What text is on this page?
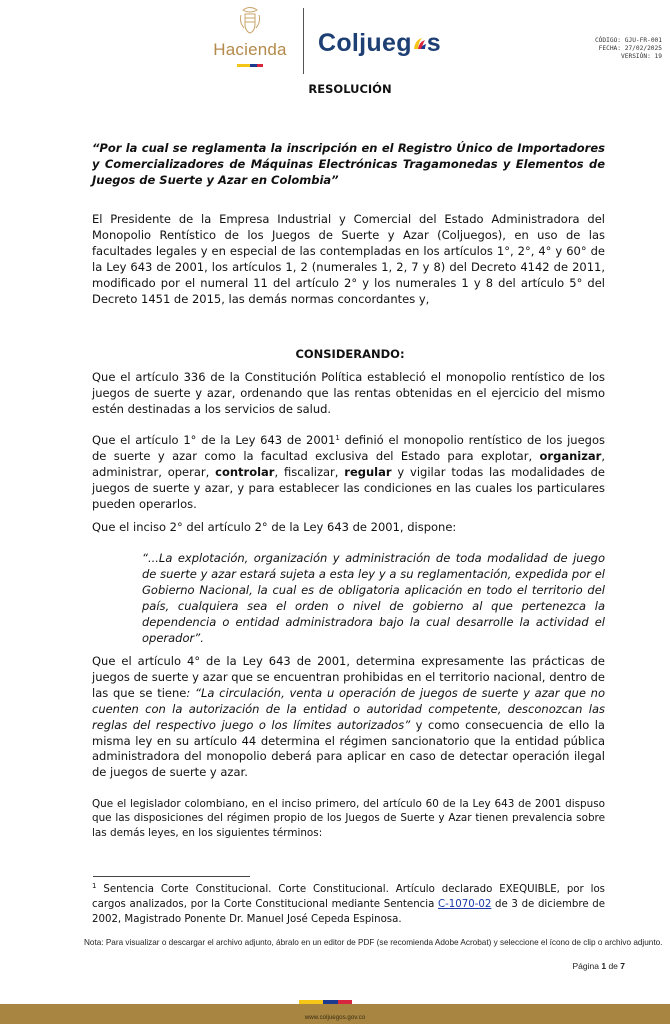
Hacienda Coljueg s	CÓDIGO: GJU-FR-001
FECHA: 27/02/2025
VERSIÓN: 19
RESOLUCIÓN
“Por la cual se reglamenta la inscripción en el Registro Único de Importadores y Comercializadores de Máquinas Electrónicas Tragamonedas y Elementos de Juegos de Suerte y Azar en Colombia”
El Presidente de la Empresa Industrial y Comercial del Estado Administradora del Monopolio Rentístico de los Juegos de Suerte y Azar (Coljuegos), en uso de las facultades legales y en especial de las contempladas en los artículos 1°, 2°, 4° y 60° de la Ley 643 de 2001, los artículos 1, 2 (numerales 1, 2, 7 y 8) del Decreto 4142 de 2011, modificado por el numeral 11 del artículo 2° y los numerales 1 y 8 del artículo 5° del Decreto 1451 de 2015, las demás normas concordantes y,
CONSIDERANDO:
Que el artículo 336 de la Constitución Política estableció el monopolio rentístico de los juegos de suerte y azar, ordenando que las rentas obtenidas en el ejercicio del mismo estén destinadas a los servicios de salud.
Que el artículo 1° de la Ley 643 de 2001$^1$ definió el monopolio rentístico de los juegos de suerte y azar como la facultad exclusiva del Estado para explotar, organizar, administrar, operar, controlar, fiscalizar, regular y vigilar todas las modalidades de juegos de suerte y azar, y para establecer las condiciones en las cuales los particulares pueden operarlos.
Que el inciso 2° del artículo 2° de la Ley 643 de 2001, dispone:
“...La explotación, organización y administración de toda modalidad de juego de suerte y azar estará sujeta a esta ley y a su reglamentación, expedida por el Gobierno Nacional, la cual es de obligatoria aplicación en todo el territorio del país, cualquiera sea el orden o nivel de gobierno al que pertenezca la dependencia o entidad administradora bajo la cual desarrolle la actividad el operador”.
Que el artículo 4° de la Ley 643 de 2001, determina expresamente las prácticas de juegos de suerte y azar que se encuentran prohibidas en el territorio nacional, dentro de las que se tiene: “La circulación, venta u operación de juegos de suerte y azar que no cuenten con la autorización de la entidad o autoridad competente, desconozcan las reglas del respectivo juego o los límites autorizados” y como consecuencia de ello la misma ley en su artículo 44 determina el régimen sancionatorio que la entidad pública administradora del monopolio deberá para aplicar en caso de detectar operación ilegal de juegos de suerte y azar.
Que el legislador colombiano, en el inciso primero, del artículo 60 de la Ley 643 de 2001 dispuso que las disposiciones del régimen propio de los Juegos de Suerte y Azar tienen prevalencia sobre las demás leyes, en los siguientes términos:
$^1$ Sentencia Corte Constitucional. Corte Constitucional. Artículo declarado EXEQUIBLE, por los cargos analizados, por la Corte Constitucional mediante Sentencia C-1070-02 de 3 de diciembre de 2002, Magistrado Ponente Dr. Manuel José Cepeda Espinosa.
Nota: Para visualizar o descargar el archivo adjunto, ábralo en un editor de PDF (se recomienda Adobe Acrobat) y seleccione el ícono de clip o archivo adjunto.
Página 1 de 7
www.coljuegos.gov.co
